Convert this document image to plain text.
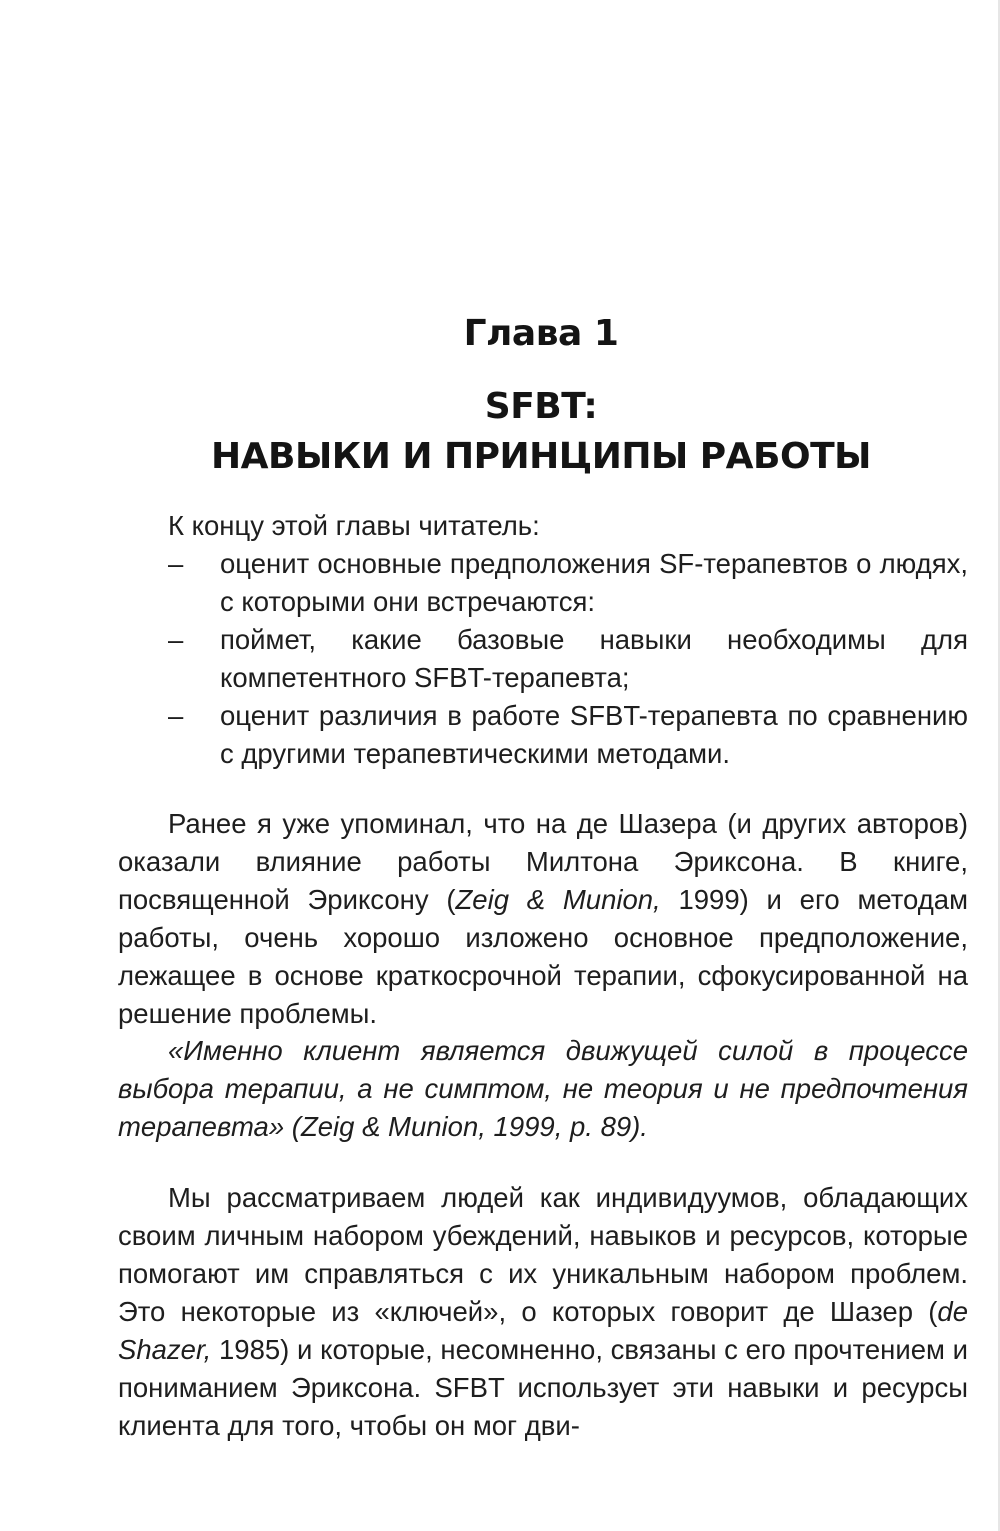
Глава 1
SFBT:
НАВЫКИ И ПРИНЦИПЫ РАБОТЫ

К концу этой главы читатель:

– оценит основные предположения SF-терапевтов о людях, с которыми они встречаются:
– поймет, какие базовые навыки необходимы для компетентного SFBT-терапевта;
– оценит различия в работе SFBT-терапевта по сравнению с другими терапевтическими методами.

Ранее я уже упоминал, что на де Шазера (и других авторов) оказали влияние работы Милтона Эриксона. В книге, посвященной Эриксону (Zeig & Munion, 1999) и его методам работы, очень хорошо изложено основное предположение, лежащее в основе краткосрочной терапии, сфокусированной на решение проблемы.

«Именно клиент является движущей силой в процессе выбора терапии, а не симптом, не теория и не предпочтения терапевта» (Zeig & Munion, 1999, p. 89).

Мы рассматриваем людей как индивидуумов, обладающих своим личным набором убеждений, навыков и ресурсов, которые помогают им справляться с их уникальным набором проблем. Это некоторые из «ключей», о которых говорит де Шазер (de Shazer, 1985) и которые, несомненно, связаны с его прочтением и пониманием Эриксона. SFBT использует эти навыки и ресурсы клиента для того, чтобы он мог дви-
